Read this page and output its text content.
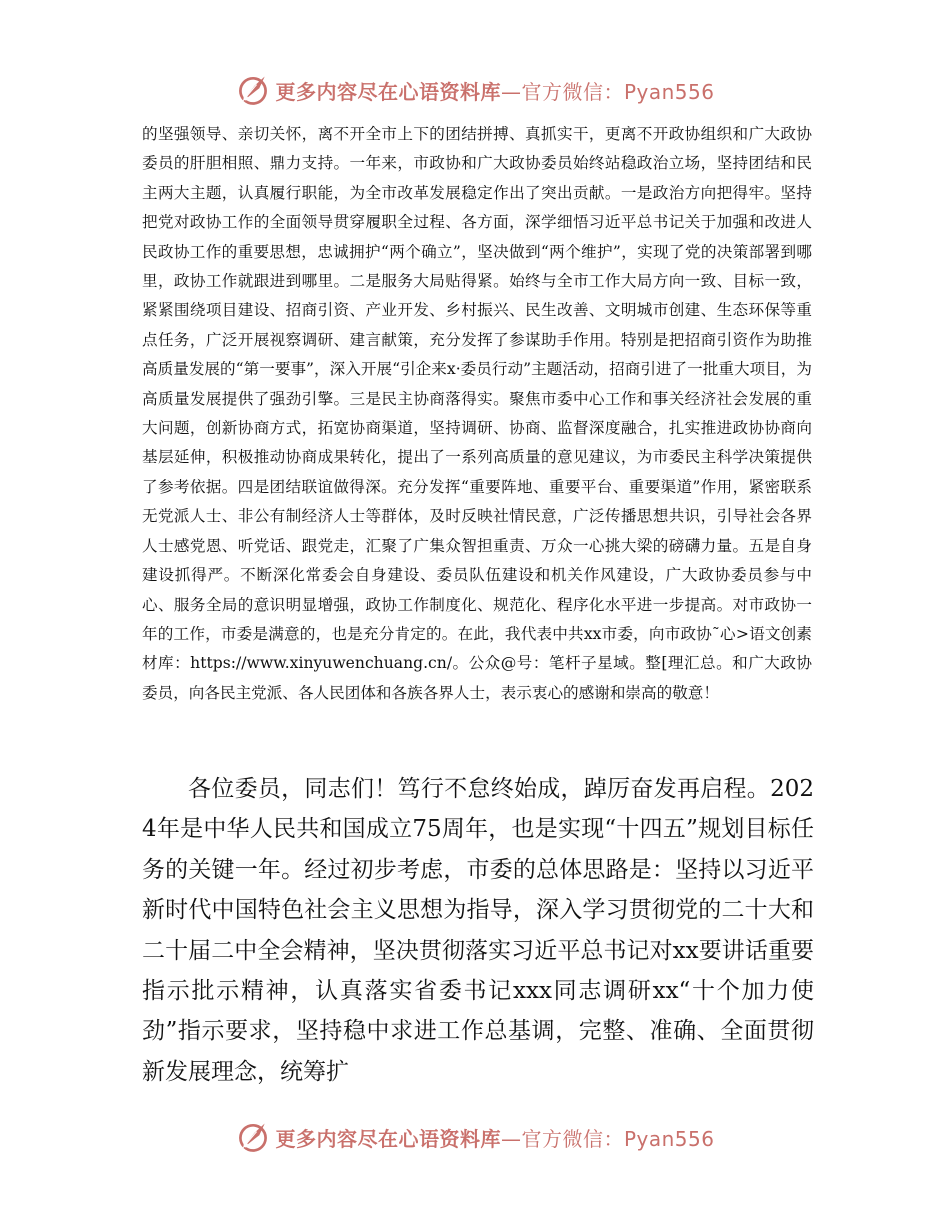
更多内容尽在心语资料库—官方微信：Pyan556

的坚强领导、亲切关怀，离不开全市上下的团结拼搏、真抓实干，更离不开政协组织和广大政协委员的肝胆相照、鼎力支持。一年来，市政协和广大政协委员始终站稳政治立场，坚持团结和民主两大主题，认真履行职能，为全市改革发展稳定作出了突出贡献。一是政治方向把得牢。坚持把党对政协工作的全面领导贯穿履职全过程、各方面，深学细悟习近平总书记关于加强和改进人民政协工作的重要思想，忠诚拥护“两个确立”，坚决做到“两个维护”，实现了党的决策部署到哪里，政协工作就跟进到哪里。二是服务大局贴得紧。始终与全市工作大局方向一致、目标一致，紧紧围绕项目建设、招商引资、产业开发、乡村振兴、民生改善、文明城市创建、生态环保等重点任务，广泛开展视察调研、建言献策，充分发挥了参谋助手作用。特别是把招商引资作为助推高质量发展的“第一要事”，深入开展“引企来x·委员行动”主题活动，招商引进了一批重大项目，为高质量发展提供了强劲引擎。三是民主协商落得实。聚焦市委中心工作和事关经济社会发展的重大问题，创新协商方式，拓宽协商渠道，坚持调研、协商、监督深度融合，扎实推进政协协商向基层延伸，积极推动协商成果转化，提出了一系列高质量的意见建议，为市委民主科学决策提供了参考依据。四是团结联谊做得深。充分发挥“重要阵地、重要平台、重要渠道”作用，紧密联系无党派人士、非公有制经济人士等群体，及时反映社情民意，广泛传播思想共识，引导社会各界人士感党恩、听党话、跟党走，汇聚了广集众智担重责、万众一心挑大梁的磅礴力量。五是自身建设抓得严。不断深化常委会自身建设、委员队伍建设和机关作风建设，广大政协委员参与中心、服务全局的意识明显增强，政协工作制度化、规范化、程序化水平进一步提高。对市政协一年的工作，市委是满意的，也是充分肯定的。在此，我代表中共xx市委，向市政协˜心>语文创素材库：https://www.xinyuwenchuang.cn/。公众@号：笔杆子星域。整[理汇总。和广大政协委员，向各民主党派、各人民团体和各族各界人士，表示衷心的感谢和崇高的敬意！

各位委员，同志们！笃行不怠终始成，踔厉奋发再启程。2024年是中华人民共和国成立75周年，也是实现“十四五”规划目标任务的关键一年。经过初步考虑，市委的总体思路是：坚持以习近平新时代中国特色社会主义思想为指导，深入学习贯彻党的二十大和二十届二中全会精神，坚决贯彻落实习近平总书记对xx要讲话重要指示批示精神，认真落实省委书记xxx同志调研xx“十个加力使劲”指示要求，坚持稳中求进工作总基调，完整、准确、全面贯彻新发展理念，统筹扩

更多内容尽在心语资料库—官方微信：Pyan556
